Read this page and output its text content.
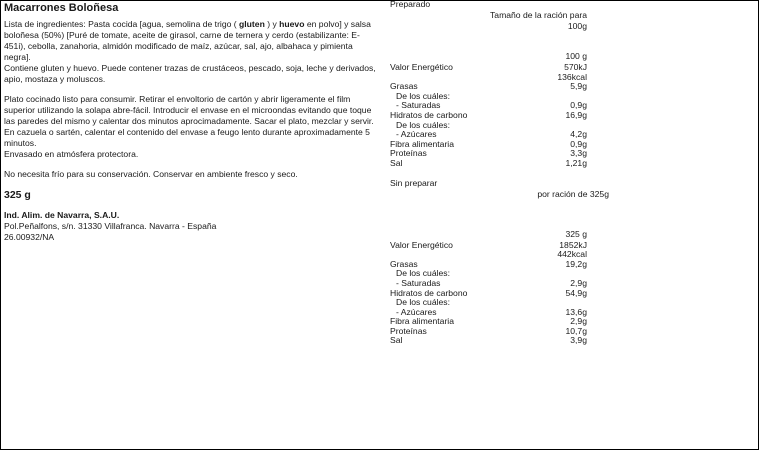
Macarrones Boloñesa

Lista de ingredientes: Pasta cocida [agua, semolina de trigo ( gluten ) y huevo en polvo] y salsa boloñesa (50%) [Puré de tomate, aceite de girasol, carne de ternera y cerdo (estabilizante: E-451i), cebolla, zanahoria, almidón modificado de maíz, azúcar, sal, ajo, albahaca y pimienta negra].

Contiene gluten y huevo. Puede contener trazas de crustáceos, pescado, soja, leche y derivados, apio, mostaza y moluscos.

Plato cocinado listo para consumir. Retirar el envoltorio de cartón y abrir ligeramente el film superior utilizando la solapa abre-fácil. Introducir el envase en el microondas evitando que toque las paredes del mismo y calentar dos minutos aprocimadamente. Sacar el plato, mezclar y servir. En cazuela o sartén, calentar el contenido del envase a feugo lento durante aproximadamente 5 minutos.

Envasado en atmósfera protectora.

No necesita frío para su conservación. Conservar en ambiente fresco y seco.

325 g

Ind. Alim. de Navarra, S.A.U.

Pol.Peñalfons, s/n. 31330 Villafranca. Navarra - España

26.00932/NA

Preparado
Tamaño de la ración para
100g
100 g
Valor Energético	570kJ
136kcal
Grasas	5,9g
De los cuáles:
- Saturadas	0,9g
Hidratos de carbono	16,9g
De los cuáles:
- Azúcares	4,2g
Fibra alimentaria	0,9g
Proteínas	3,3g
Sal	1,21g
Sin preparar
por ración de 325g
325 g
Valor Energético	1852kJ
442kcal
Grasas	19,2g
De los cuáles:
- Saturadas	2,9g
Hidratos de carbono	54,9g
De los cuáles:
- Azúcares	13,6g
Fibra alimentaria	2,9g
Proteínas	10,7g
Sal	3,9g
